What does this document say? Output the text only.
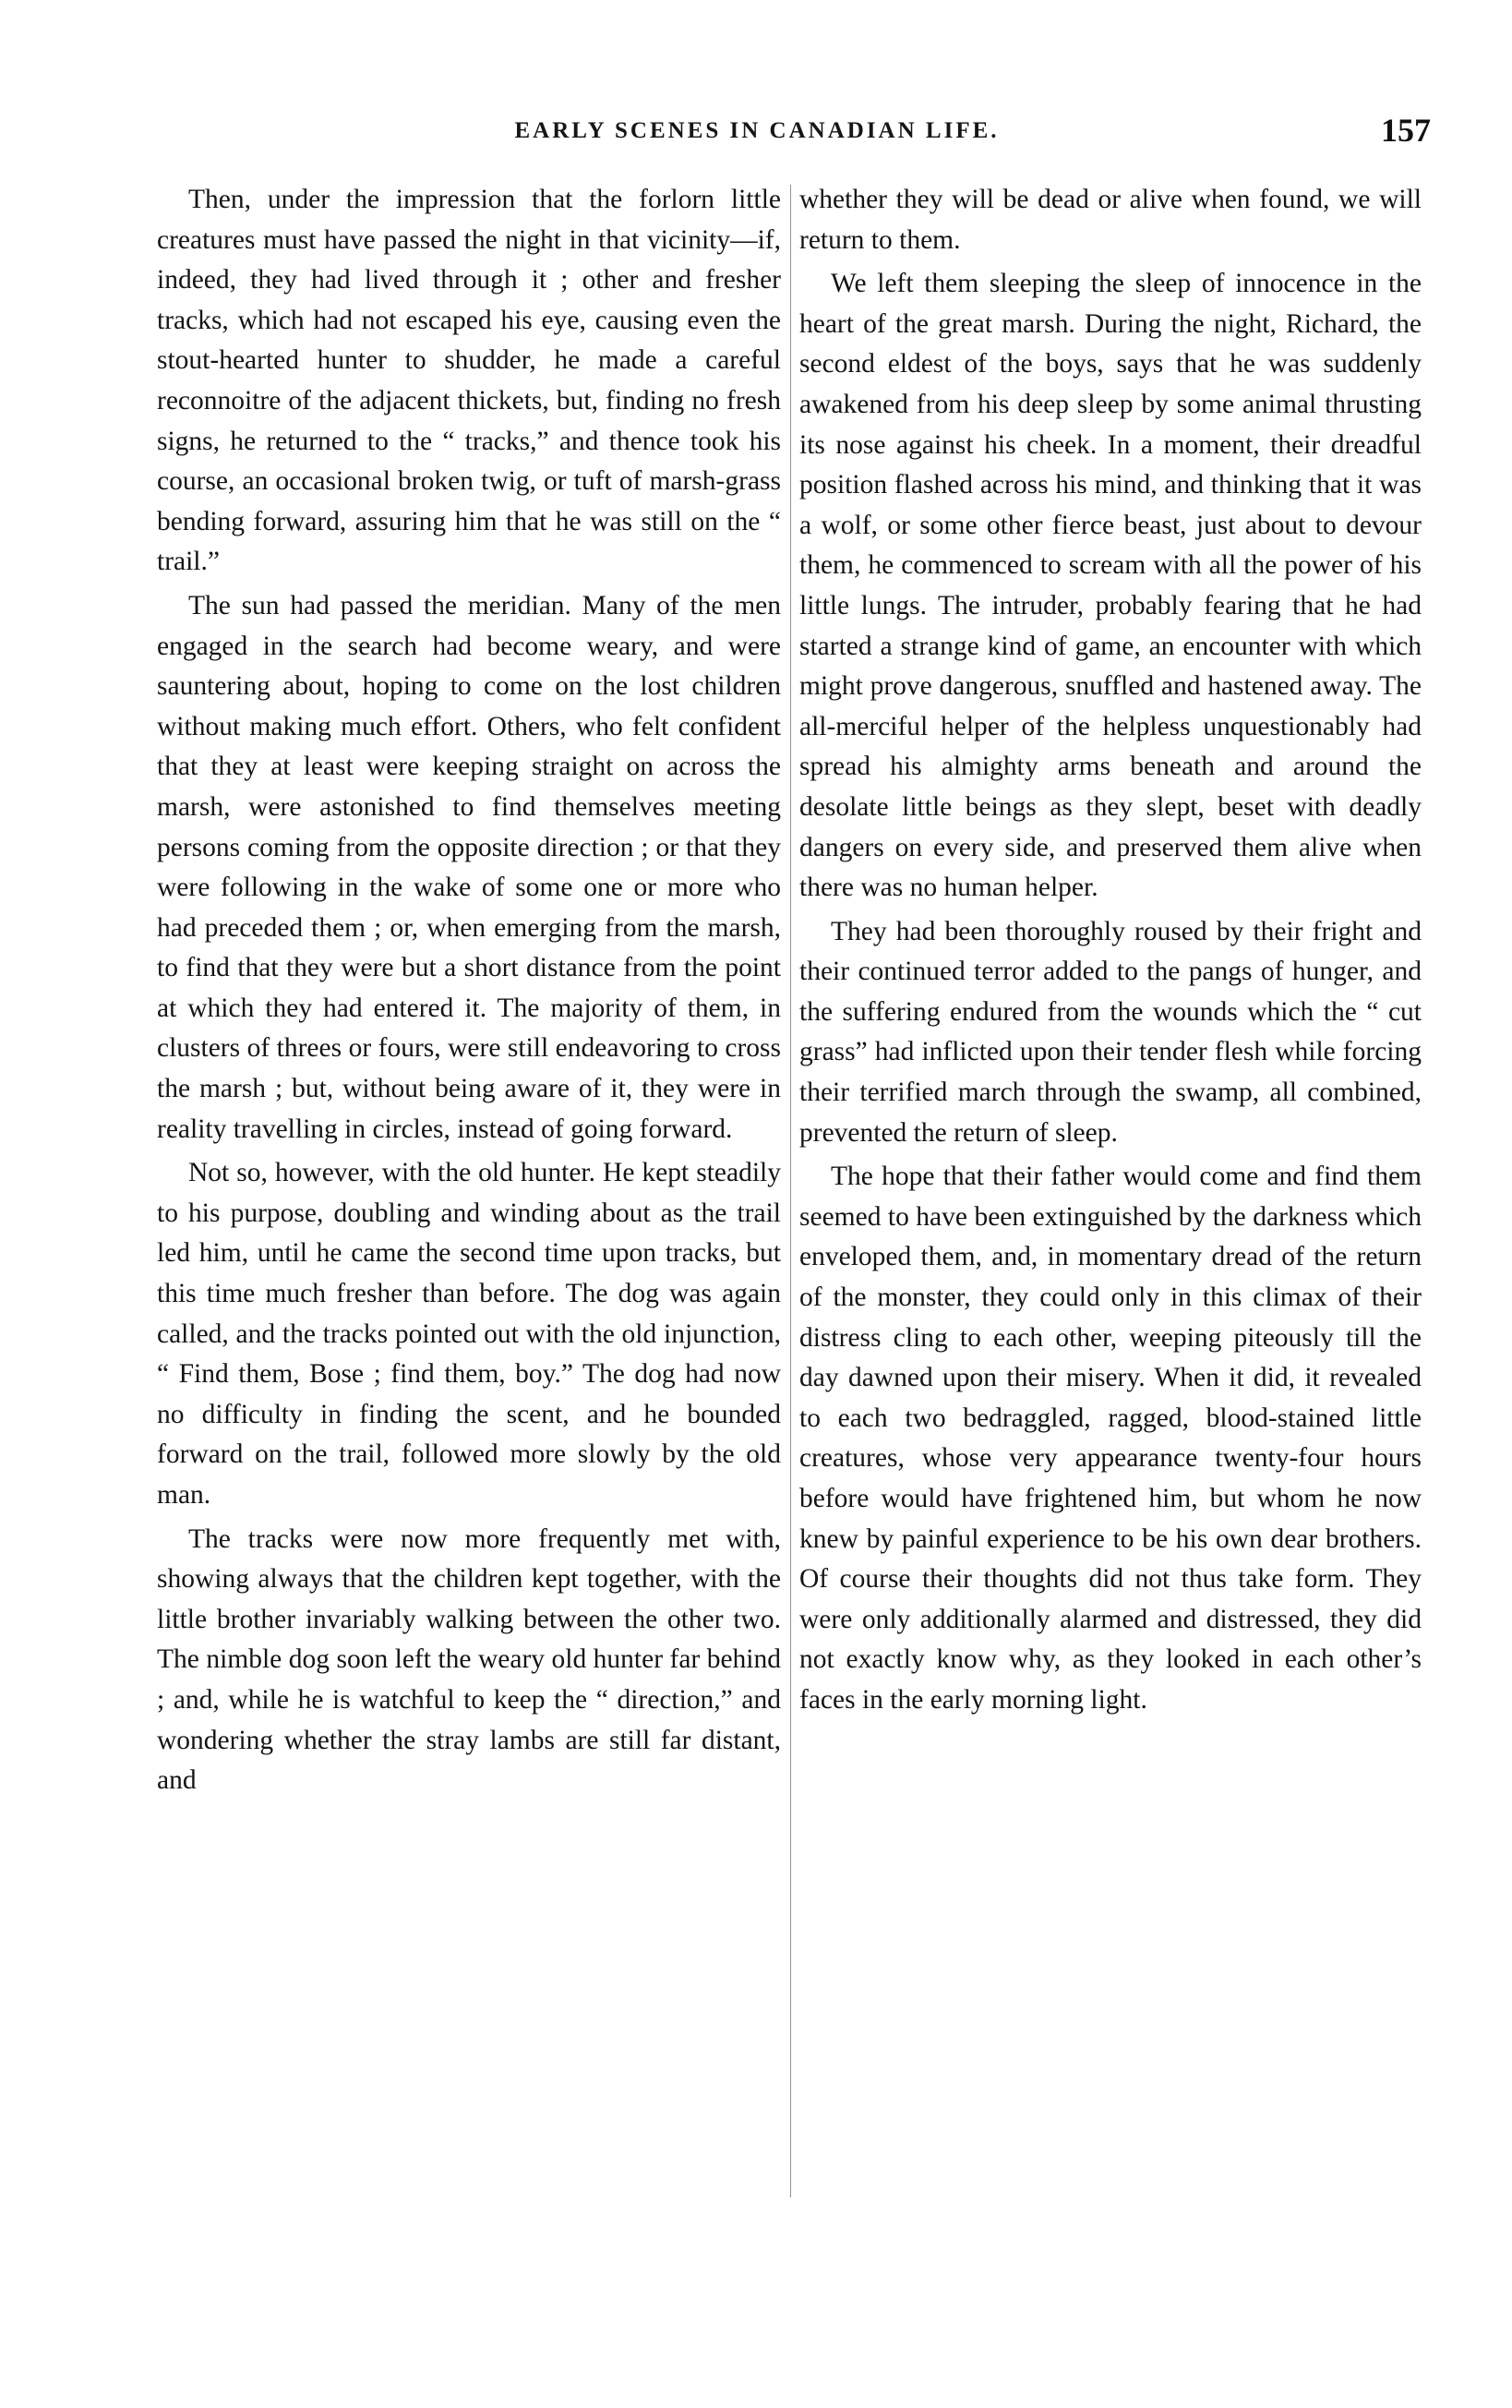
EARLY SCENES IN CANADIAN LIFE.	157

Then, under the impression that the forlorn little creatures must have passed the night in that vicinity—if, indeed, they had lived through it ; other and fresher tracks, which had not escaped his eye, causing even the stout-hearted hunter to shudder, he made a careful reconnoitre of the adjacent thickets, but, finding no fresh signs, he returned to the “ tracks,” and thence took his course, an occasional broken twig, or tuft of marsh-grass bending forward, assuring him that he was still on the “ trail.”

The sun had passed the meridian. Many of the men engaged in the search had become weary, and were sauntering about, hoping to come on the lost children without making much effort. Others, who felt confident that they at least were keeping straight on across the marsh, were astonished to find themselves meeting persons coming from the opposite direction ; or that they were following in the wake of some one or more who had preceded them ; or, when emerging from the marsh, to find that they were but a short distance from the point at which they had entered it. The majority of them, in clusters of threes or fours, were still endeavoring to cross the marsh ; but, without being aware of it, they were in reality travelling in circles, instead of going forward.

Not so, however, with the old hunter. He kept steadily to his purpose, doubling and winding about as the trail led him, until he came the second time upon tracks, but this time much fresher than before. The dog was again called, and the tracks pointed out with the old injunction, “ Find them, Bose ; find them, boy.” The dog had now no difficulty in finding the scent, and he bounded forward on the trail, followed more slowly by the old man.

The tracks were now more frequently met with, showing always that the children kept together, with the little brother invariably walking between the other two. The nimble dog soon left the weary old hunter far behind ; and, while he is watchful to keep the “ direction,” and wondering whether the stray lambs are still far distant, and

whether they will be dead or alive when found, we will return to them.

We left them sleeping the sleep of innocence in the heart of the great marsh. During the night, Richard, the second eldest of the boys, says that he was suddenly awakened from his deep sleep by some animal thrusting its nose against his cheek. In a moment, their dreadful position flashed across his mind, and thinking that it was a wolf, or some other fierce beast, just about to devour them, he commenced to scream with all the power of his little lungs. The intruder, probably fearing that he had started a strange kind of game, an encounter with which might prove dangerous, snuffled and hastened away. The all-merciful helper of the helpless unquestionably had spread his almighty arms beneath and around the desolate little beings as they slept, beset with deadly dangers on every side, and preserved them alive when there was no human helper.

They had been thoroughly roused by their fright and their continued terror added to the pangs of hunger, and the suffering endured from the wounds which the “ cut grass” had inflicted upon their tender flesh while forcing their terrified march through the swamp, all combined, prevented the return of sleep.

The hope that their father would come and find them seemed to have been extinguished by the darkness which enveloped them, and, in momentary dread of the return of the monster, they could only in this climax of their distress cling to each other, weeping piteously till the day dawned upon their misery. When it did, it revealed to each two bedraggled, ragged, blood-stained little creatures, whose very appearance twenty-four hours before would have frightened him, but whom he now knew by painful experience to be his own dear brothers. Of course their thoughts did not thus take form. They were only additionally alarmed and distressed, they did not exactly know why, as they looked in each other’s faces in the early morning light.
